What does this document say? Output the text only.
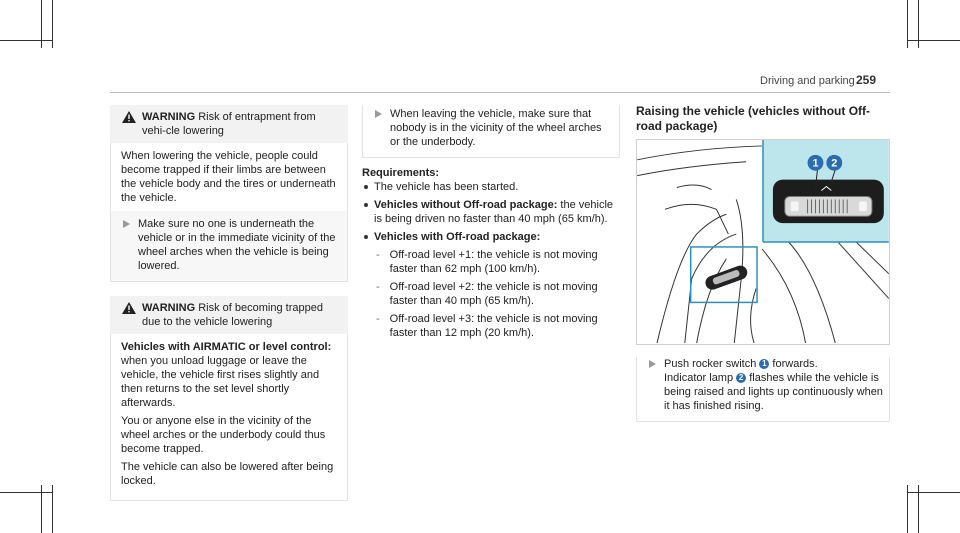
Driving and parking 259
WARNING Risk of entrapment from vehi-cle lowering

When lowering the vehicle, people could become trapped if their limbs are between the vehicle body and the tires or underneath the vehicle.

Make sure no one is underneath the vehicle or in the immediate vicinity of the wheel arches when the vehicle is being lowered.
WARNING Risk of becoming trapped due to the vehicle lowering

Vehicles with AIRMATIC or level control: when you unload luggage or leave the vehicle, the vehicle first rises slightly and then returns to the set level shortly afterwards.

You or anyone else in the vicinity of the wheel arches or the underbody could thus become trapped.

The vehicle can also be lowered after being locked.

When leaving the vehicle, make sure that nobody is in the vicinity of the wheel arches or the underbody.
Requirements:
The vehicle has been started.
Vehicles without Off-road package: the vehicle is being driven no faster than 40 mph (65 km/h).
Vehicles with Off-road package:
- Off-road level +1: the vehicle is not moving faster than 62 mph (100 km/h).
- Off-road level +2: the vehicle is not moving faster than 40 mph (65 km/h).
- Off-road level +3: the vehicle is not moving faster than 12 mph (20 km/h).
Raising the vehicle (vehicles without Off-road package)
1 2
Push rocker switch 1 forwards.
Indicator lamp 2 flashes while the vehicle is being raised and lights up continuously when it has finished rising.
